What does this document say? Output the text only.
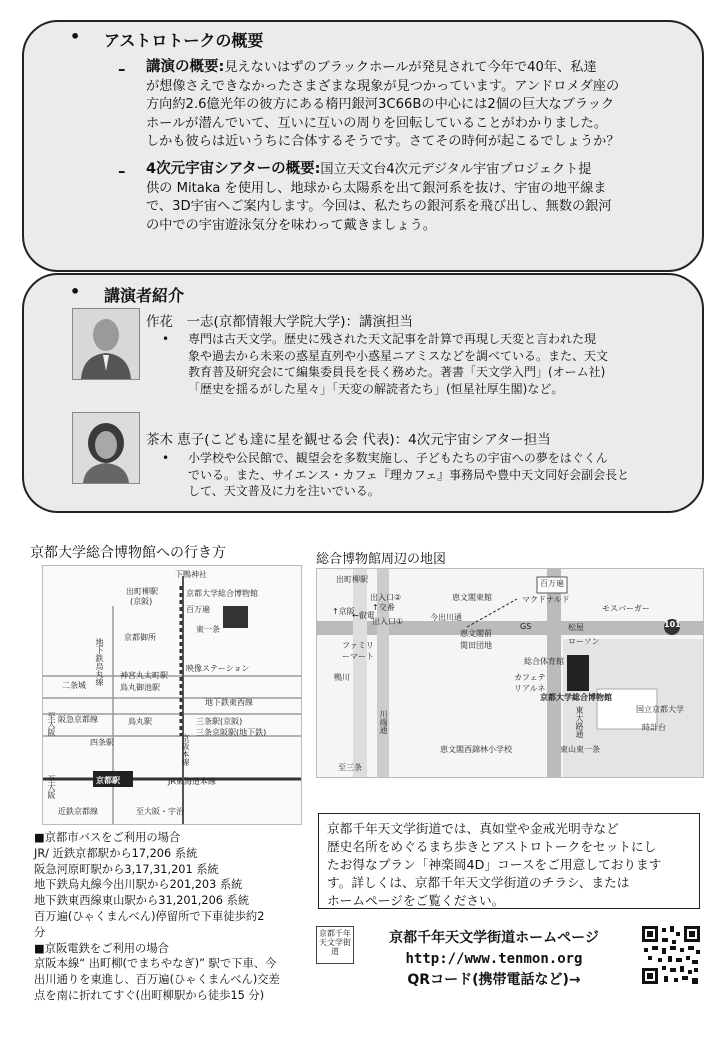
• アストロトークの概要
– 講演の概要:見えないはずのブラックホールが発見されて今年で40年、私達
が想像さえできなかったさまざまな現象が見つかっています。アンドロメダ座の
方向約2.6億光年の彼方にある楕円銀河3C66Bの中心には2個の巨大なブラック
ホールが潜んでいて、互いに互いの周りを回転していることがわかりました。
しかも彼らは近いうちに合体するそうです。さてその時何が起こるでしょうか？
– 4次元宇宙シアターの概要:国立天文台4次元デジタル宇宙プロジェクト提
供の Mitaka を使用し、地球から太陽系を出て銀河系を抜け、宇宙の地平線ま
で、3D宇宙へご案内します。今回は、私たちの銀河系を飛び出し、無数の銀河
の中での宇宙遊泳気分を味わって戴きましょう。
• 講演者紹介
作花　一志(京都情報大学院大学)：講演担当
• 専門は古天文学。歴史に残された天文記事を計算で再現し天変と言われた現
象や過去から未来の惑星直列や小惑星ニアミスなどを調べている。また、天文
教育普及研究会にて編集委員長を長く務めた。著書「天文学入門」(オーム社)
「歴史を揺るがした星々」「天変の解読者たち」(恒星社厚生閣)など。
茶木 恵子(こども達に星を観せる会 代表)：4次元宇宙シアター担当
• 小学校や公民館で、観望会を多数実施し、子どもたちの宇宙への夢をはぐくん
でいる。また、サイエンス・カフェ『理カフェ』事務局や豊中天文同好会副会長と
して、天文普及に力を注いでいる。
京都大学総合博物館への行き方
下鴨神社
出町柳駅
(京阪)
京都大学総合博物館
百万遍
東一条
京都御所
地下鉄烏丸線	映像ステーション
神宮丸太町駅
鳥丸御池駅
二条城
地下鉄東西線
阪急京都線	鳥丸駅	三条駅(京阪)
三条京阪駅(地下鉄)
至大阪
四条駅
至大阪	京都駅	JR東海道本線
近鉄京都線	至大阪・宇治
京阪本線
■京都市バスをご利用の場合
JR/ 近鉄京都駅から17,206 系統
阪急河原町駅から3,17,31,201 系統
地下鉄烏丸線今出川駅から201,203 系統
地下鉄東西線東山駅から31,201,206 系統
百万遍(ひゃくまんべん)停留所で下車徒歩約2
分
■京阪電鉄をご利用の場合
京阪本線“ 出町柳(でまちやなぎ)” 駅で下車、今
出川通りを東進し、百万遍(ひゃくまんべん)交差
点を南に折れてすぐ(出町柳駅から徒歩15 分)
総合博物館周辺の地図
出町柳駅	百万遍
出入口②
←叡電
↑京阪
出入口①
↑交番
今出川通
恵文閣東館
恵文閣前
関田団地
マクドナルド
モスバーガー
GS	松屋
ローソン
ファミリーマート
鴨川
川端通
総合体育館
カフェテリアルネ
京都大学総合博物館
国立京都大学
東大路通	時計台
恵文閣西錦林小学校	東山東一条
至三条
101
京都千年天文学街道では、真如堂や金戒光明寺など
歴史名所をめぐるまち歩きとアストロトークをセットにし
たお得なプラン「神楽岡4D」コースをご用意しております
す。詳しくは、京都千年天文学街道のチラシ、または
ホームページをご覧ください。
京都千年天文学街道
京都千年天文学街道ホームページ
http://www.tenmon.org
QRコード(携帯電話など)→
